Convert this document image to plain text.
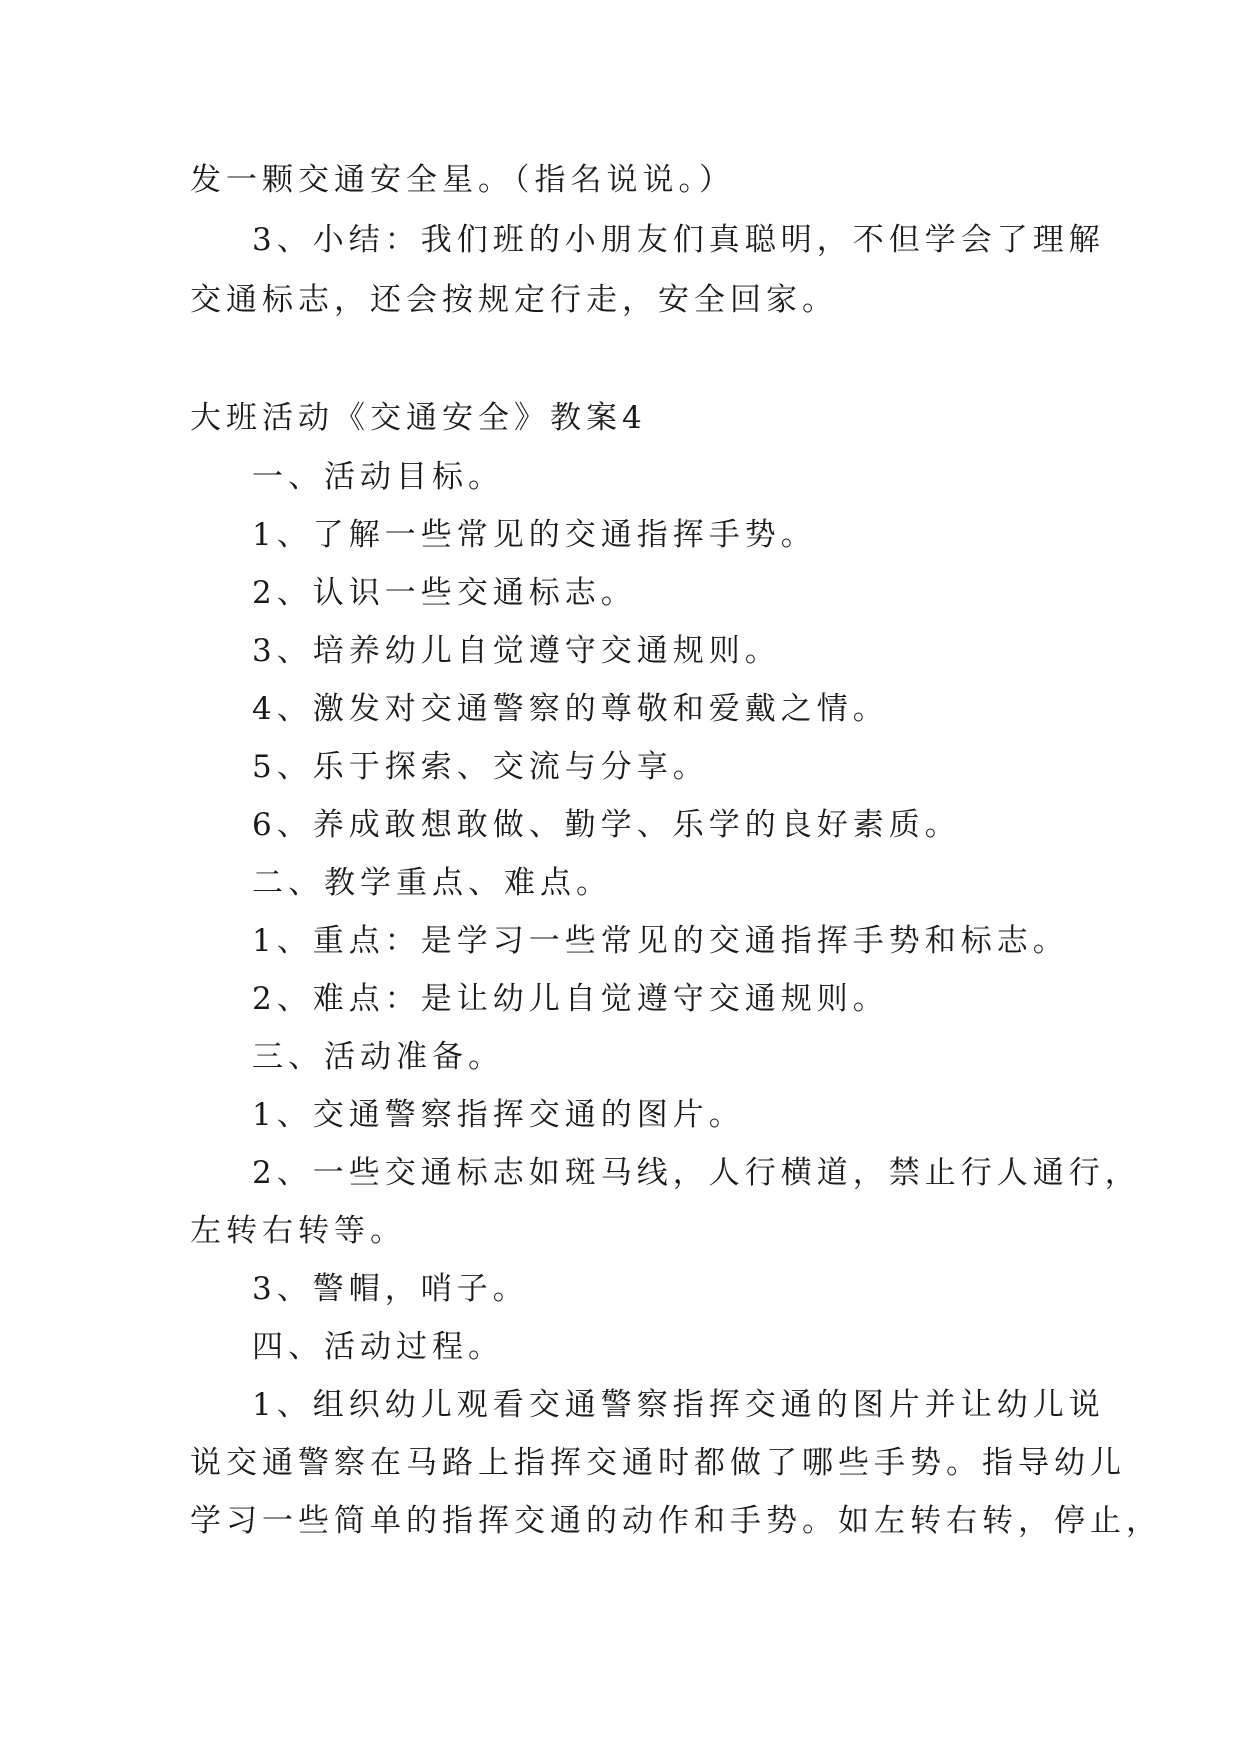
发一颗交通安全星。（指名说说。）
3、小结：我们班的小朋友们真聪明，不但学会了理解
交通标志，还会按规定行走，安全回家。
大班活动《交通安全》教案4
一、活动目标。
1、了解一些常见的交通指挥手势。
2、认识一些交通标志。
3、培养幼儿自觉遵守交通规则。
4、激发对交通警察的尊敬和爱戴之情。
5、乐于探索、交流与分享。
6、养成敢想敢做、勤学、乐学的良好素质。
二、教学重点、难点。
1、重点：是学习一些常见的交通指挥手势和标志。
2、难点：是让幼儿自觉遵守交通规则。
三、活动准备。
1、交通警察指挥交通的图片。
2、一些交通标志如斑马线，人行横道，禁止行人通行，
左转右转等。
3、警帽，哨子。
四、活动过程。
1、组织幼儿观看交通警察指挥交通的图片并让幼儿说
说交通警察在马路上指挥交通时都做了哪些手势。指导幼儿
学习一些简单的指挥交通的动作和手势。如左转右转，停止，
